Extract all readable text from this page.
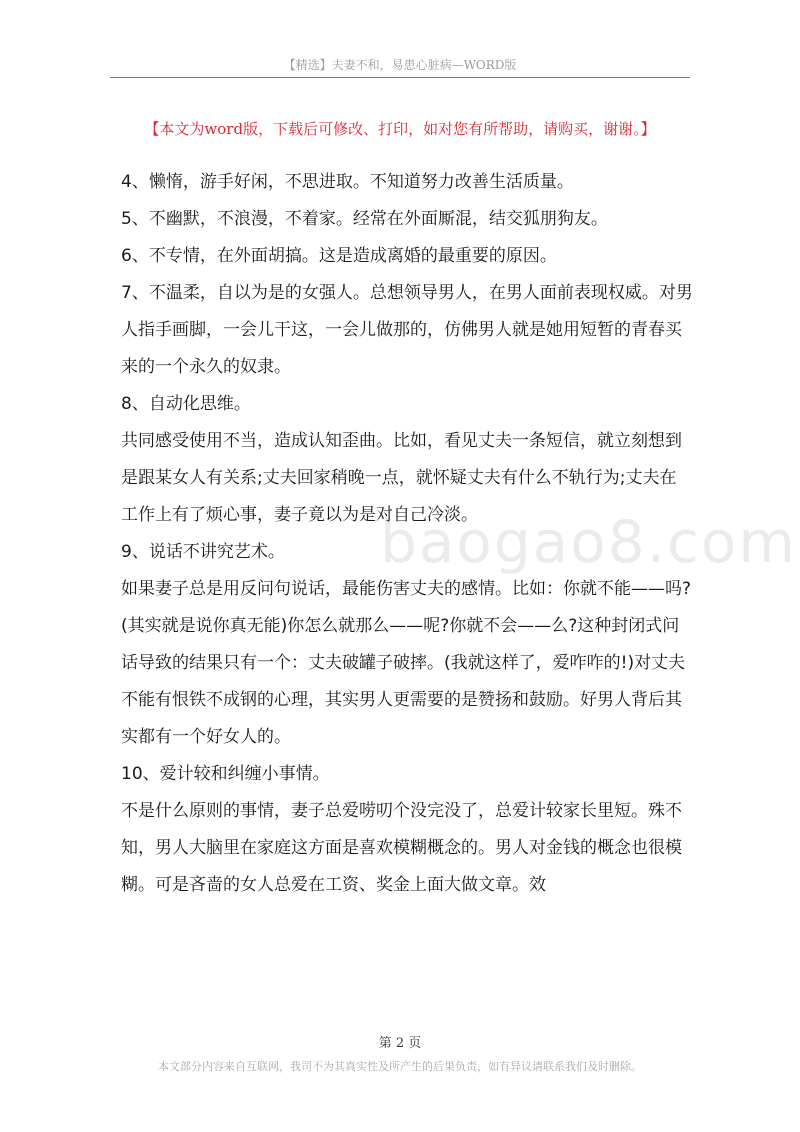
【精选】夫妻不和，易患心脏病—WORD版
【本文为word版，下载后可修改、打印，如对您有所帮助，请购买，谢谢。】
baogao8.com

4、懒惰，游手好闲，不思进取。不知道努力改善生活质量。

5、不幽默，不浪漫，不着家。经常在外面厮混，结交狐朋狗友。

6、不专情，在外面胡搞。这是造成离婚的最重要的原因。

7、不温柔，自以为是的女强人。总想领导男人，在男人面前表现权威。对男人指手画脚，一会儿干这，一会儿做那的，仿佛男人就是她用短暂的青春买来的一个永久的奴隶。

8、自动化思维。

共同感受使用不当，造成认知歪曲。比如，看见丈夫一条短信，就立刻想到是跟某女人有关系;丈夫回家稍晚一点，就怀疑丈夫有什么不轨行为;丈夫在工作上有了烦心事，妻子竟以为是对自己冷淡。

9、说话不讲究艺术。

如果妻子总是用反问句说话，最能伤害丈夫的感情。比如：你就不能——吗?(其实就是说你真无能)你怎么就那么——呢?你就不会——么?这种封闭式问话导致的结果只有一个：丈夫破罐子破摔。(我就这样了，爱咋咋的!)对丈夫不能有恨铁不成钢的心理，其实男人更需要的是赞扬和鼓励。好男人背后其实都有一个好女人的。

10、爱计较和纠缠小事情。

不是什么原则的事情，妻子总爱唠叨个没完没了，总爱计较家长里短。殊不知，男人大脑里在家庭这方面是喜欢模糊概念的。男人对金钱的概念也很模糊。可是吝啬的女人总爱在工资、奖金上面大做文章。效

第 2 页
本文部分内容来自互联网，我司不为其真实性及所产生的后果负责，如有异议请联系我们及时删除。
